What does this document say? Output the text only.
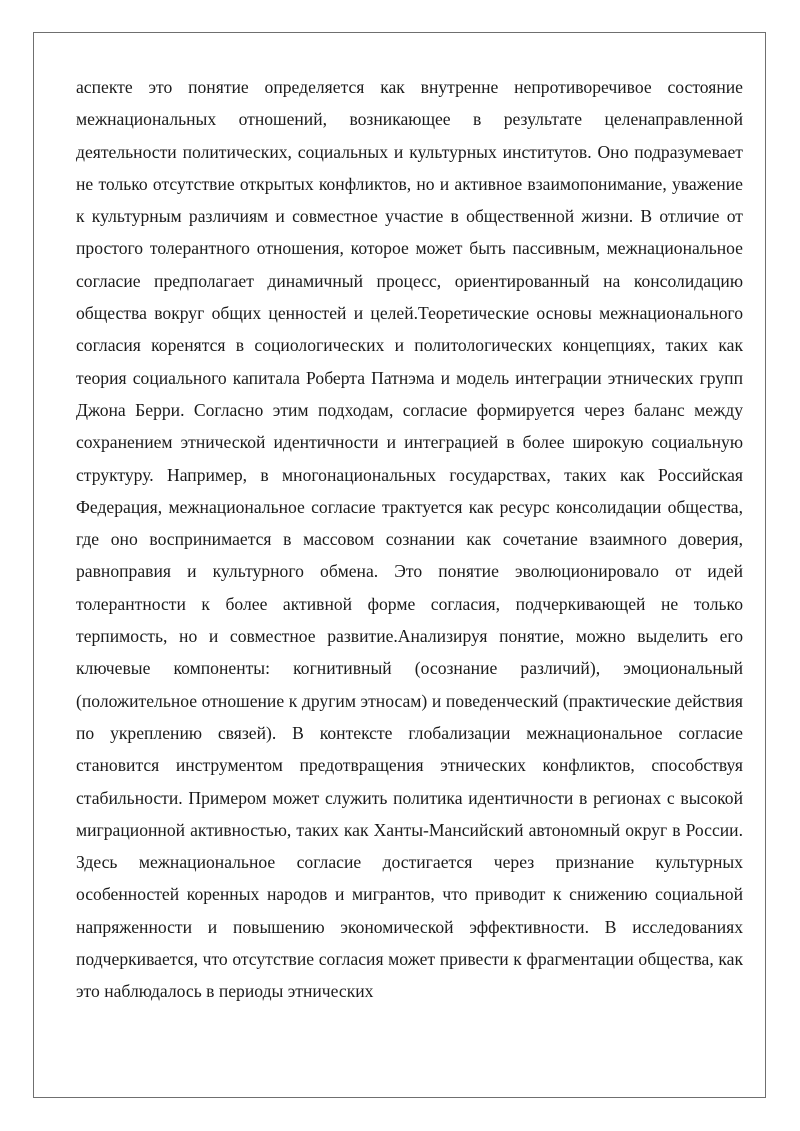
аспекте это понятие определяется как внутренне непротиворечивое состояние межнациональных отношений, возникающее в результате целенаправленной деятельности политических, социальных и культурных институтов. Оно подразумевает не только отсутствие открытых конфликтов, но и активное взаимопонимание, уважение к культурным различиям и совместное участие в общественной жизни. В отличие от простого толерантного отношения, которое может быть пассивным, межнациональное согласие предполагает динамичный процесс, ориентированный на консолидацию общества вокруг общих ценностей и целей.Теоретические основы межнационального согласия коренятся в социологических и политологических концепциях, таких как теория социального капитала Роберта Патнэма и модель интеграции этнических групп Джона Берри. Согласно этим подходам, согласие формируется через баланс между сохранением этнической идентичности и интеграцией в более широкую социальную структуру. Например, в многонациональных государствах, таких как Российская Федерация, межнациональное согласие трактуется как ресурс консолидации общества, где оно воспринимается в массовом сознании как сочетание взаимного доверия, равноправия и культурного обмена. Это понятие эволюционировало от идей толерантности к более активной форме согласия, подчеркивающей не только терпимость, но и совместное развитие.Анализируя понятие, можно выделить его ключевые компоненты: когнитивный (осознание различий), эмоциональный (положительное отношение к другим этносам) и поведенческий (практические действия по укреплению связей). В контексте глобализации межнациональное согласие становится инструментом предотвращения этнических конфликтов, способствуя стабильности. Примером может служить политика идентичности в регионах с высокой миграционной активностью, таких как Ханты-Мансийский автономный округ в России. Здесь межнациональное согласие достигается через признание культурных особенностей коренных народов и мигрантов, что приводит к снижению социальной напряженности и повышению экономической эффективности. В исследованиях подчеркивается, что отсутствие согласия может привести к фрагментации общества, как это наблюдалось в периоды этнических
